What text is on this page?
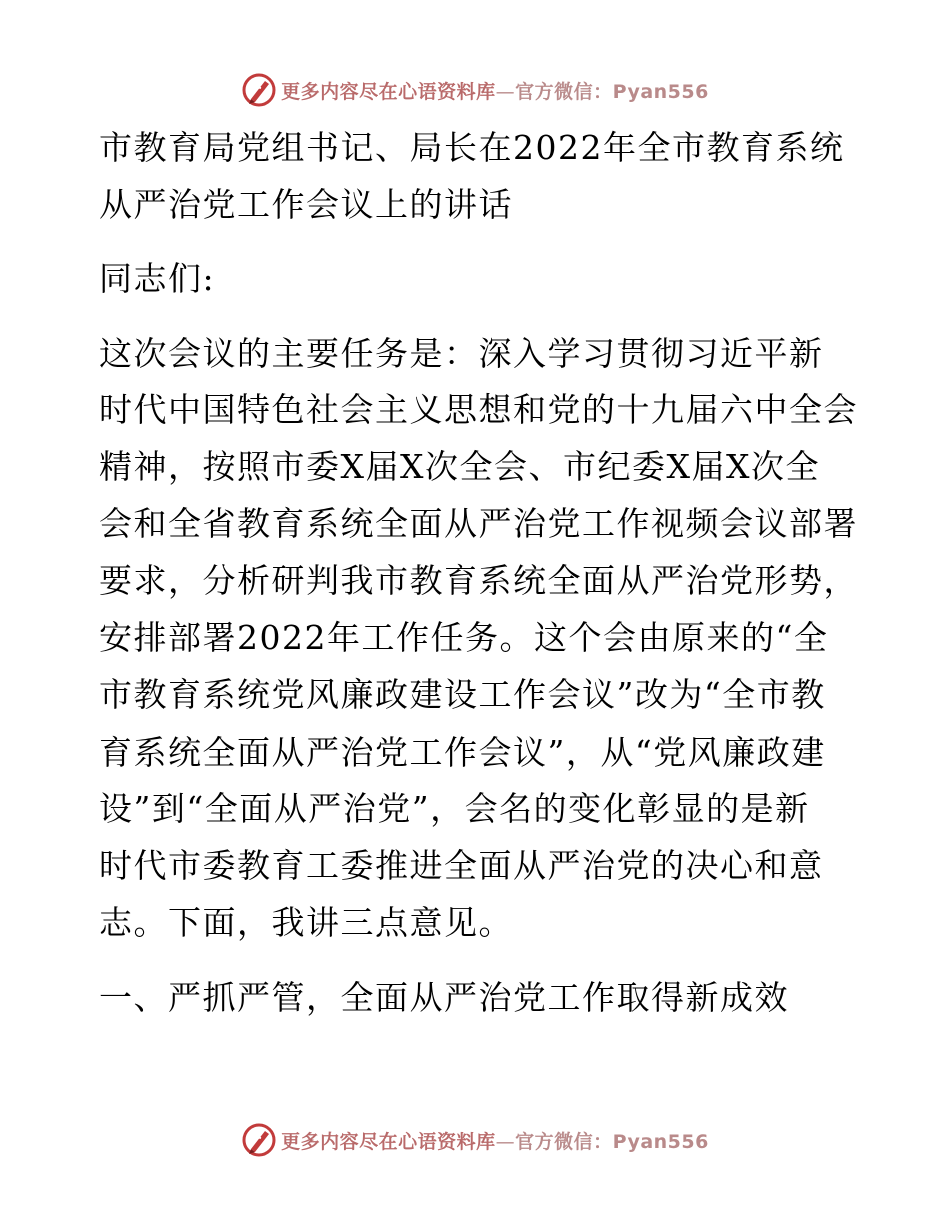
更多内容尽在心语资料库—官方微信：Pyan556
市教育局党组书记、局长在2022年全市教育系统
从严治党工作会议上的讲话
同志们:
这次会议的主要任务是：深入学习贯彻习近平新
时代中国特色社会主义思想和党的十九届六中全会
精神，按照市委X届X次全会、市纪委X届X次全
会和全省教育系统全面从严治党工作视频会议部署
要求，分析研判我市教育系统全面从严治党形势，
安排部署2022年工作任务。这个会由原来的“全
市教育系统党风廉政建设工作会议”改为“全市教
育系统全面从严治党工作会议”，从“党风廉政建
设”到“全面从严治党”，会名的变化彰显的是新
时代市委教育工委推进全面从严治党的决心和意
志。下面，我讲三点意见。
一、严抓严管，全面从严治党工作取得新成效
更多内容尽在心语资料库—官方微信：Pyan556
